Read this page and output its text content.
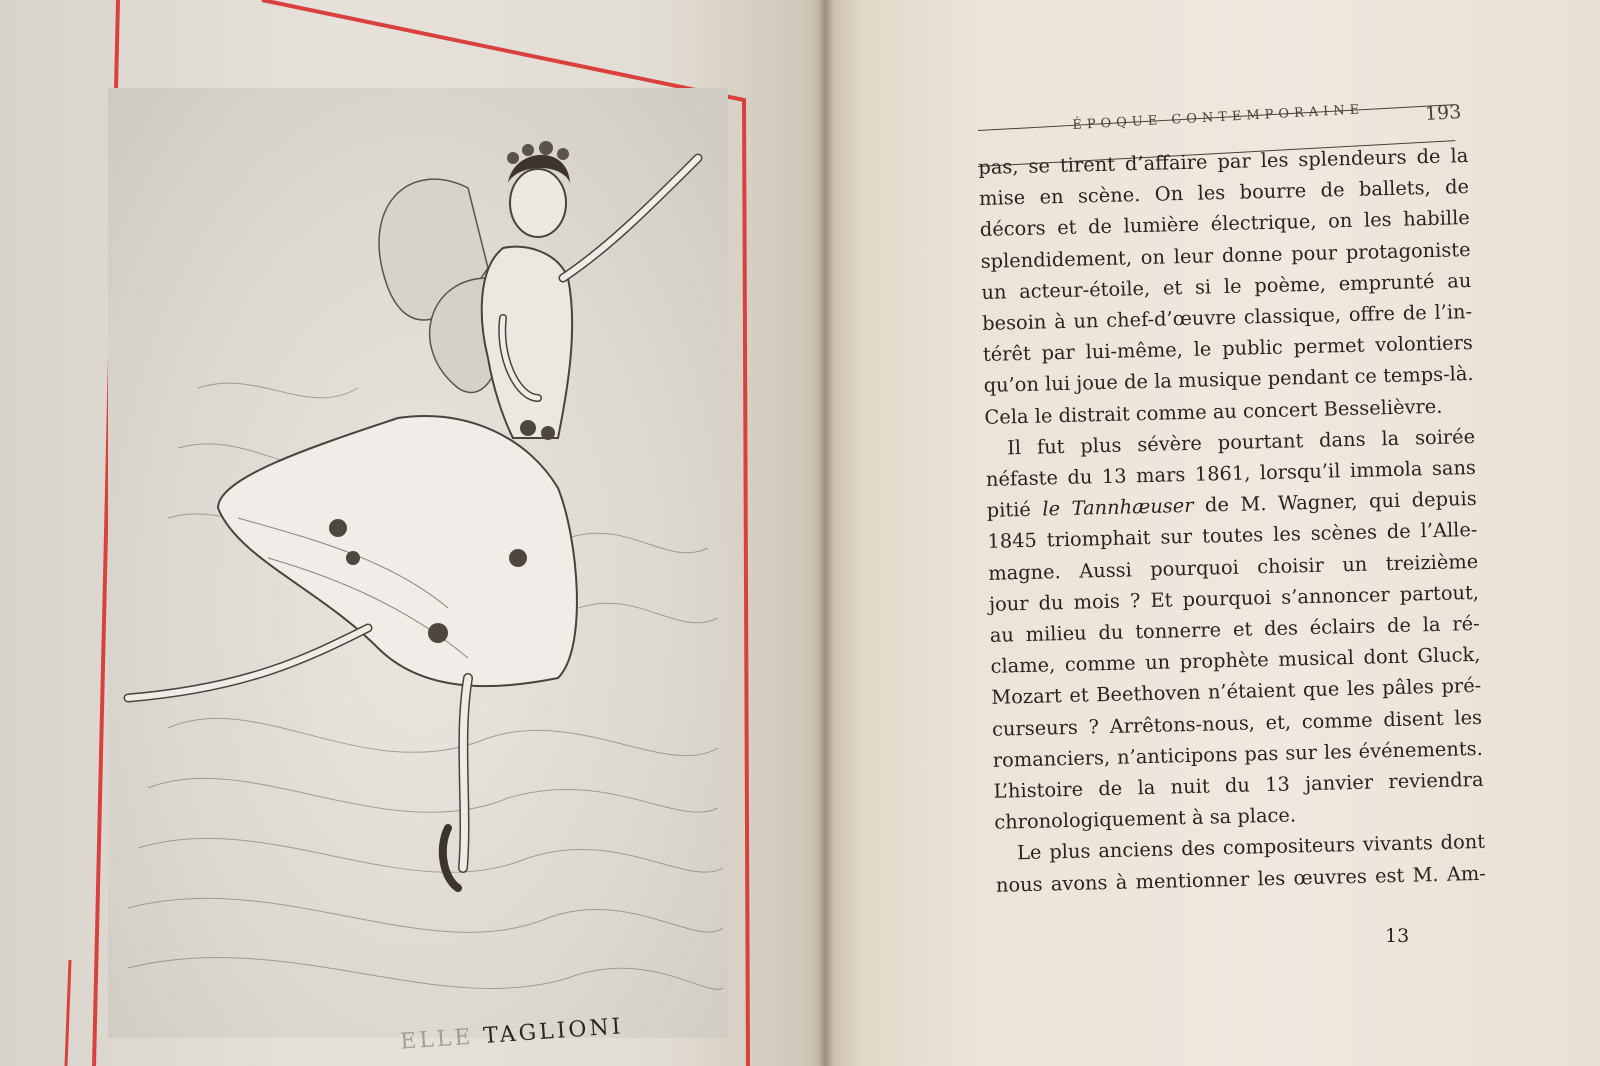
ELLE TAGLIONI
ÉPOQUE CONTEMPORAINE	193
pas, se tirent d’affaire par les splendeurs de la
mise en scène. On les bourre de ballets, de
décors et de lumière électrique, on les habille
splendidement, on leur donne pour protagoniste
un acteur-étoile, et si le poème, emprunté au
besoin à un chef-d’œuvre classique, offre de l’in-
térêt par lui-même, le public permet volontiers
qu’on lui joue de la musique pendant ce temps-là.
Cela le distrait comme au concert Besselièvre.
Il fut plus sévère pourtant dans la soirée
néfaste du 13 mars 1861, lorsqu’il immola sans
pitié le Tannhæuser de M. Wagner, qui depuis
1845 triomphait sur toutes les scènes de l’Alle-
magne. Aussi pourquoi choisir un treizième
jour du mois ? Et pourquoi s’annoncer partout,
au milieu du tonnerre et des éclairs de la ré-
clame, comme un prophète musical dont Gluck,
Mozart et Beethoven n’étaient que les pâles pré-
curseurs ? Arrêtons-nous, et, comme disent les
romanciers, n’anticipons pas sur les événements.
L’histoire de la nuit du 13 janvier reviendra
chronologiquement à sa place.
Le plus anciens des compositeurs vivants dont
nous avons à mentionner les œuvres est M. Am-
13
